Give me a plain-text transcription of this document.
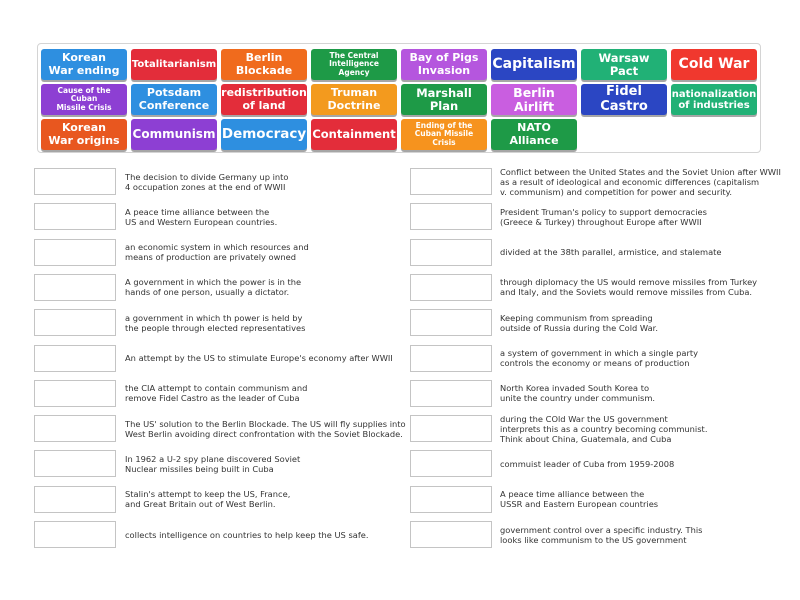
Korean
War ending	Totalitarianism
Berlin
Blockade
The Central
Intelligence Agency
Bay of Pigs
Invasion	Capitalism	Warsaw Pact	Cold War
Cause of the Cuban
Missile Crisis
Potsdam
Conference
redistribution
of land
Truman
Doctrine
Marshall Plan
Berlin Airlift
Fidel Castro
nationalization
of industries
Korean
War origins	Communism Democracy Containment
Ending of the
Cuban Missile Crisis
NATO
Alliance
The decision to divide Germany up into
4 occupation zones at the end of WWII
A peace time alliance between the
US and Western European countries.
an economic system in which resources and
means of production are privately owned
A government in which the power is in the
hands of one person, usually a dictator.
a government in which th power is held by
the people through elected representatives
An attempt by the US to stimulate Europe's economy after WWII
the CIA attempt to contain communism and
remove Fidel Castro as the leader of Cuba
The US' solution to the Berlin Blockade. The US will fly supplies into
West Berlin avoiding direct confrontation with the Soviet Blockade.
In 1962 a U-2 spy plane discovered Soviet
Nuclear missiles being built in Cuba
Stalin's attempt to keep the US, France,
and Great Britain out of West Berlin.
collects intelligence on countries to help keep the US safe.
Conflict between the United States and the Soviet Union after WWII
as a result of ideological and economic differences (capitalism
v. communism) and competition for power and security.
President Truman's policy to support democracies
(Greece & Turkey) throughout Europe after WWII
divided at the 38th parallel, armistice, and stalemate
through diplomacy the US would remove missiles from Turkey
and Italy, and the Soviets would remove missiles from Cuba.
Keeping communism from spreading
outside of Russia during the Cold War.
a system of government in which a single party
controls the economy or means of production
North Korea invaded South Korea to
unite the country under communism.
during the COld War the US government
interprets this as a country becoming communist.
Think about China, Guatemala, and Cuba
commuist leader of Cuba from 1959-2008
A peace time alliance between the
USSR and Eastern European countries
government control over a specific industry. This
looks like communism to the US government
